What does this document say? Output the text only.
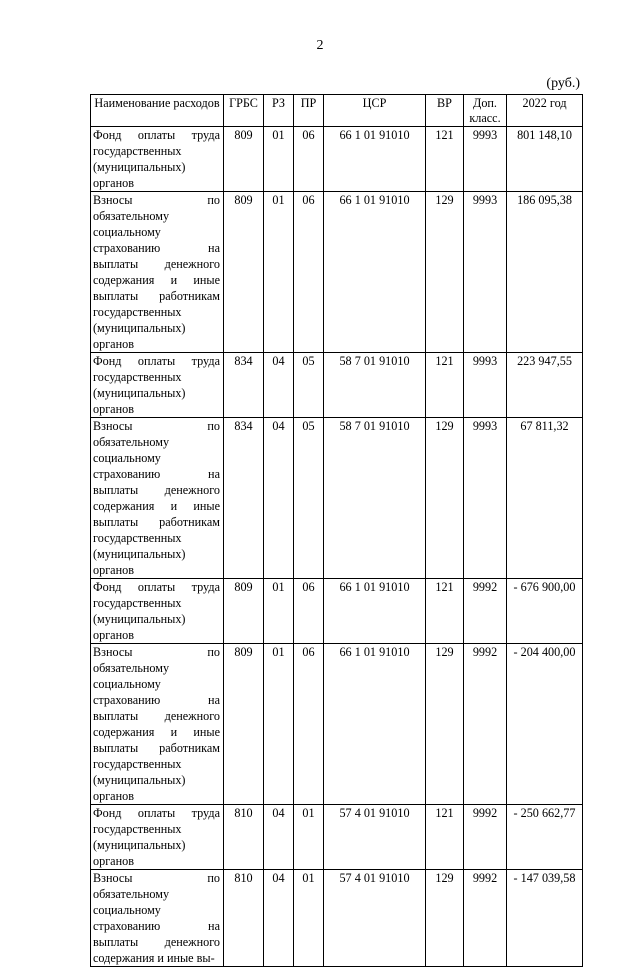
2
(руб.)
Наименование расходов	ГРБС	РЗ	ПР	ЦСР	ВР	Доп. класс.	2022 год
Фонд оплаты труда государственных (муниципальных) органов	809	01	06	66 1 01 91010	121	9993	801 148,10
Взносы по обязательному социальному страхованию на выплаты денежного содержания и иные выплаты работникам государственных (муниципальных) органов	809	01	06	66 1 01 91010	129	9993	186 095,38
Фонд оплаты труда государственных (муниципальных) органов	834	04	05	58 7 01 91010	121	9993	223 947,55
Взносы по обязательному социальному страхованию на выплаты денежного содержания и иные выплаты работникам государственных (муниципальных) органов	834	04	05	58 7 01 91010	129	9993	67 811,32
Фонд оплаты труда государственных (муниципальных) органов	809	01	06	66 1 01 91010	121	9992	- 676 900,00
Взносы по обязательному социальному страхованию на выплаты денежного содержания и иные выплаты работникам государственных (муниципальных) органов	809	01	06	66 1 01 91010	129	9992	- 204 400,00
Фонд оплаты труда государственных (муниципальных) органов	810	04	01	57 4 01 91010	121	9992	- 250 662,77
Взносы по обязательному социальному страхованию на выплаты денежного содержания и иные вы-	810	04	01	57 4 01 91010	129	9992	- 147 039,58
